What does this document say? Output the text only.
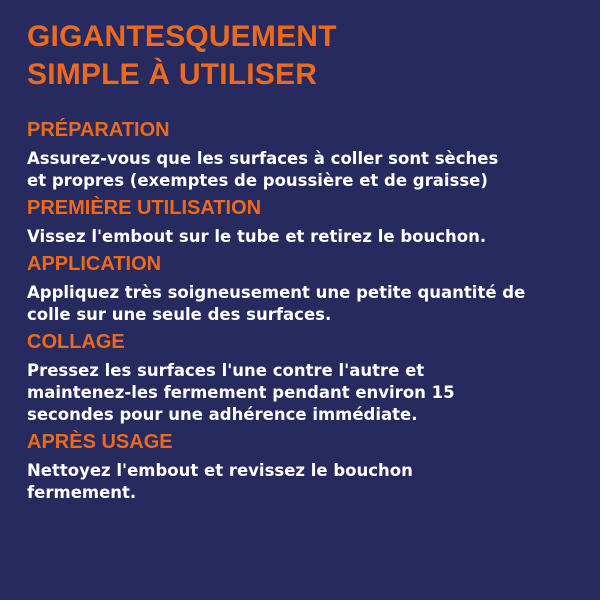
GIGANTESQUEMENT
SIMPLE À UTILISER
PRÉPARATION

Assurez-vous que les surfaces à coller sont sèches
et propres (exemptes de poussière et de graisse)

PREMIÈRE UTILISATION

Vissez l'embout sur le tube et retirez le bouchon.

APPLICATION

Appliquez très soigneusement une petite quantité de
colle sur une seule des surfaces.

COLLAGE

Pressez les surfaces l'une contre l'autre et
maintenez-les fermement pendant environ 15
secondes pour une adhérence immédiate.

APRÈS USAGE

Nettoyez l'embout et revissez le bouchon
fermement.
